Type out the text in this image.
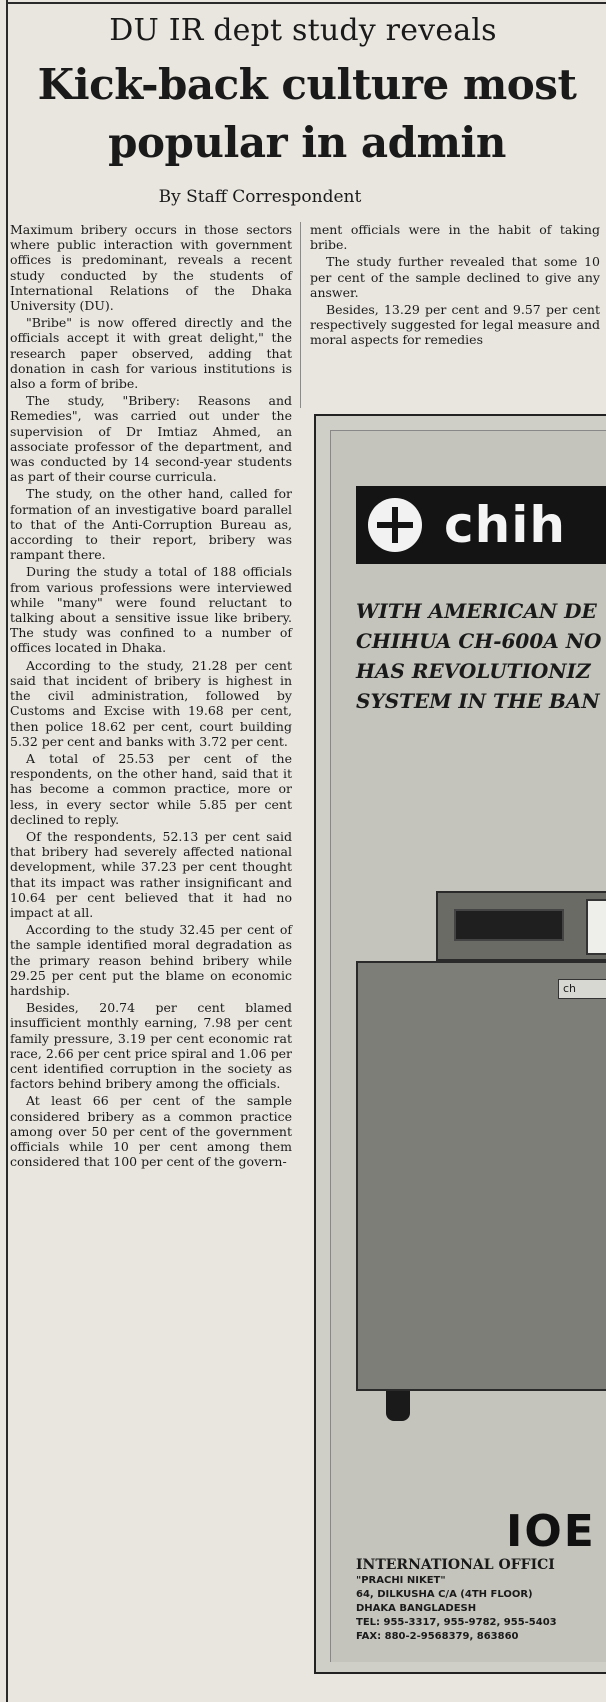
DU IR dept study reveals
Kick-back culture most popular in admin
By Staff Correspondent

Maximum bribery occurs in those sectors where public interaction with government offices is predominant, reveals a recent study conducted by the students of International Relations of the Dhaka University (DU).

"Bribe" is now offered directly and the officials accept it with great delight," the research paper observed, adding that donation in cash for various institutions is also a form of bribe.

The study, "Bribery: Reasons and Remedies", was carried out under the supervision of Dr Imtiaz Ahmed, an associate professor of the department, and was conducted by 14 second-year students as part of their course curricula.

The study, on the other hand, called for formation of an investigative board parallel to that of the Anti-Corruption Bureau as, according to their report, bribery was rampant there.

During the study a total of 188 officials from various professions were interviewed while "many" were found reluctant to talking about a sensitive issue like bribery. The study was confined to a number of offices located in Dhaka.

According to the study, 21.28 per cent said that incident of bribery is highest in the civil administration, followed by Customs and Excise with 19.68 per cent, then police 18.62 per cent, court building 5.32 per cent and banks with 3.72 per cent.

A total of 25.53 per cent of the respondents, on the other hand, said that it has become a common practice, more or less, in every sector while 5.85 per cent declined to reply.

Of the respondents, 52.13 per cent said that bribery had severely affected national development, while 37.23 per cent thought that its impact was rather insignificant and 10.64 per cent believed that it had no impact at all.

According to the study 32.45 per cent of the sample identified moral degradation as the primary reason behind bribery while 29.25 per cent put the blame on economic hardship.

Besides, 20.74 per cent blamed insufficient monthly earning, 7.98 per cent family pressure, 3.19 per cent economic rat race, 2.66 per cent price spiral and 1.06 per cent identified corruption in the society as factors behind bribery among the officials.

At least 66 per cent of the sample considered bribery as a common practice among over 50 per cent of the government officials while 10 per cent among them considered that 100 per cent of the govern-

ment officials were in the habit of taking bribe.

The study further revealed that some 10 per cent of the sample declined to give any answer.

Besides, 13.29 per cent and 9.57 per cent respectively suggested for legal measure and moral aspects for remedies

chih
WITH AMERICAN DE
CHIHUA CH-600A NO
HAS REVOLUTIONIZ
SYSTEM IN THE BAN
ch
IOE
INTERNATIONAL OFFICI
"PRACHI NIKET"
64, DILKUSHA C/A (4TH FLOOR)
DHAKA BANGLADESH
TEL: 955-3317, 955-9782, 955-5403
FAX: 880-2-9568379, 863860
